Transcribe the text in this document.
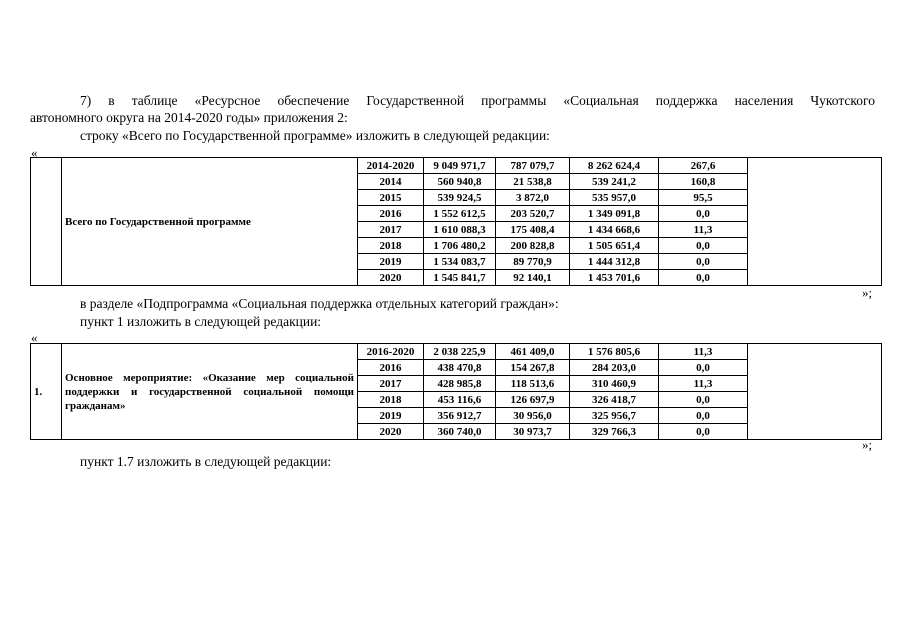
7) в таблице «Ресурсное обеспечение Государственной программы «Социальная поддержка населения Чукотского
автономного округа на 2014-2020 годы» приложения 2:
строку «Всего по Государственной программе» изложить в следующей редакции:
«
	Всего по Государственной программе	2014-2020	9 049 971,7	787 079,7	8 262 624,4	267,6	
		2014	560 940,8	21 538,8	539 241,2	160,8	
		2015	539 924,5	3 872,0	535 957,0	95,5	
		2016	1 552 612,5	203 520,7	1 349 091,8	0,0	
		2017	1 610 088,3	175 408,4	1 434 668,6	11,3	
		2018	1 706 480,2	200 828,8	1 505 651,4	0,0	
		2019	1 534 083,7	89 770,9	1 444 312,8	0,0	
		2020	1 545 841,7	92 140,1	1 453 701,6	0,0	
»;
в разделе «Подпрограмма «Социальная поддержка отдельных категорий граждан»:
пункт 1 изложить в следующей редакции:
«
1.	Основное мероприятие: «Оказание мер социальной поддержки и государственной социальной помощи гражданам»	2016-2020	2 038 225,9	461 409,0	1 576 805,6	11,3	
		2016	438 470,8	154 267,8	284 203,0	0,0	
		2017	428 985,8	118 513,6	310 460,9	11,3	
		2018	453 116,6	126 697,9	326 418,7	0,0	
		2019	356 912,7	30 956,0	325 956,7	0,0	
		2020	360 740,0	30 973,7	329 766,3	0,0	
»;
пункт 1.7 изложить в следующей редакции:
